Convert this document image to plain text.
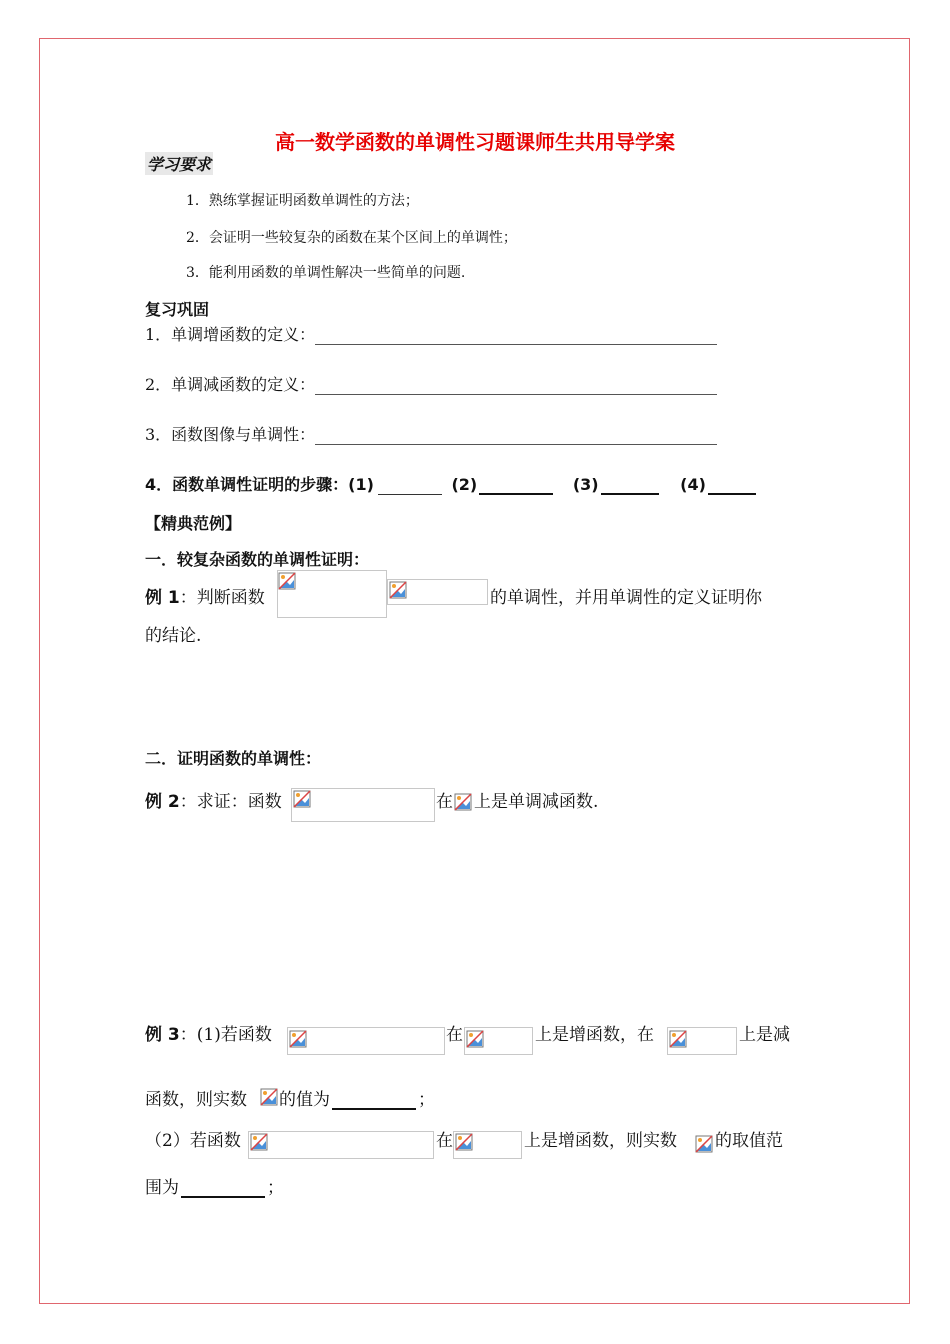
高一数学函数的单调性习题课师生共用导学案
学习要求
1．熟练掌握证明函数单调性的方法；
2．会证明一些较复杂的函数在某个区间上的单调性；
3．能利用函数的单调性解决一些简单的问题.
复习巩固
1．单调增函数的定义：
2．单调减函数的定义：
3．函数图像与单调性：
4．函数单调性证明的步骤：(1)	(2)	(3)	(4)
【精典范例】
一．较复杂函数的单调性证明：
例 1：判断函数	的单调性，并用单调性的定义证明你
的结论.
二．证明函数的单调性：
例 2：求证：函数	在 上是单调减函数.
例 3：(1)若函数	在	上是增函数，在	上是减
函数，则实数 的值为	；
（2）若函数	在	上是增函数，则实数 的取值范
围为	；
